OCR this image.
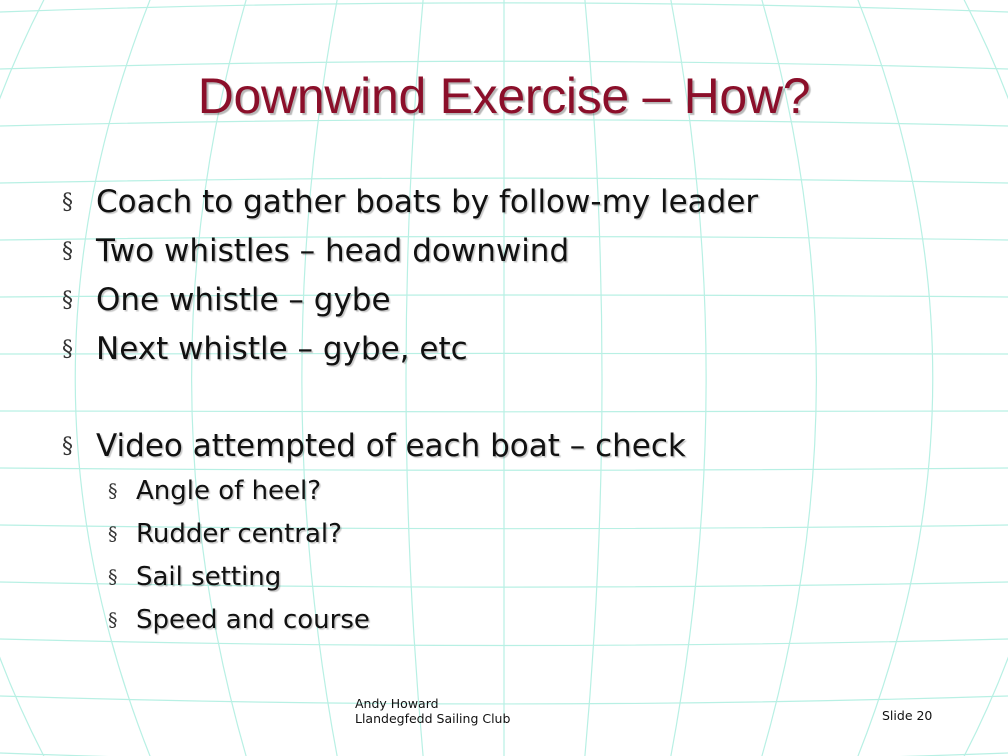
Downwind Exercise – How?
§ Coach to gather boats by follow-my leader
§ Two whistles – head downwind
§ One whistle – gybe
§ Next whistle – gybe, etc
§ Video attempted of each boat – check
§ Angle of heel?
§ Rudder central?
§ Sail setting
§ Speed and course
Andy Howard
Llandegfedd Sailing Club	Slide 20
